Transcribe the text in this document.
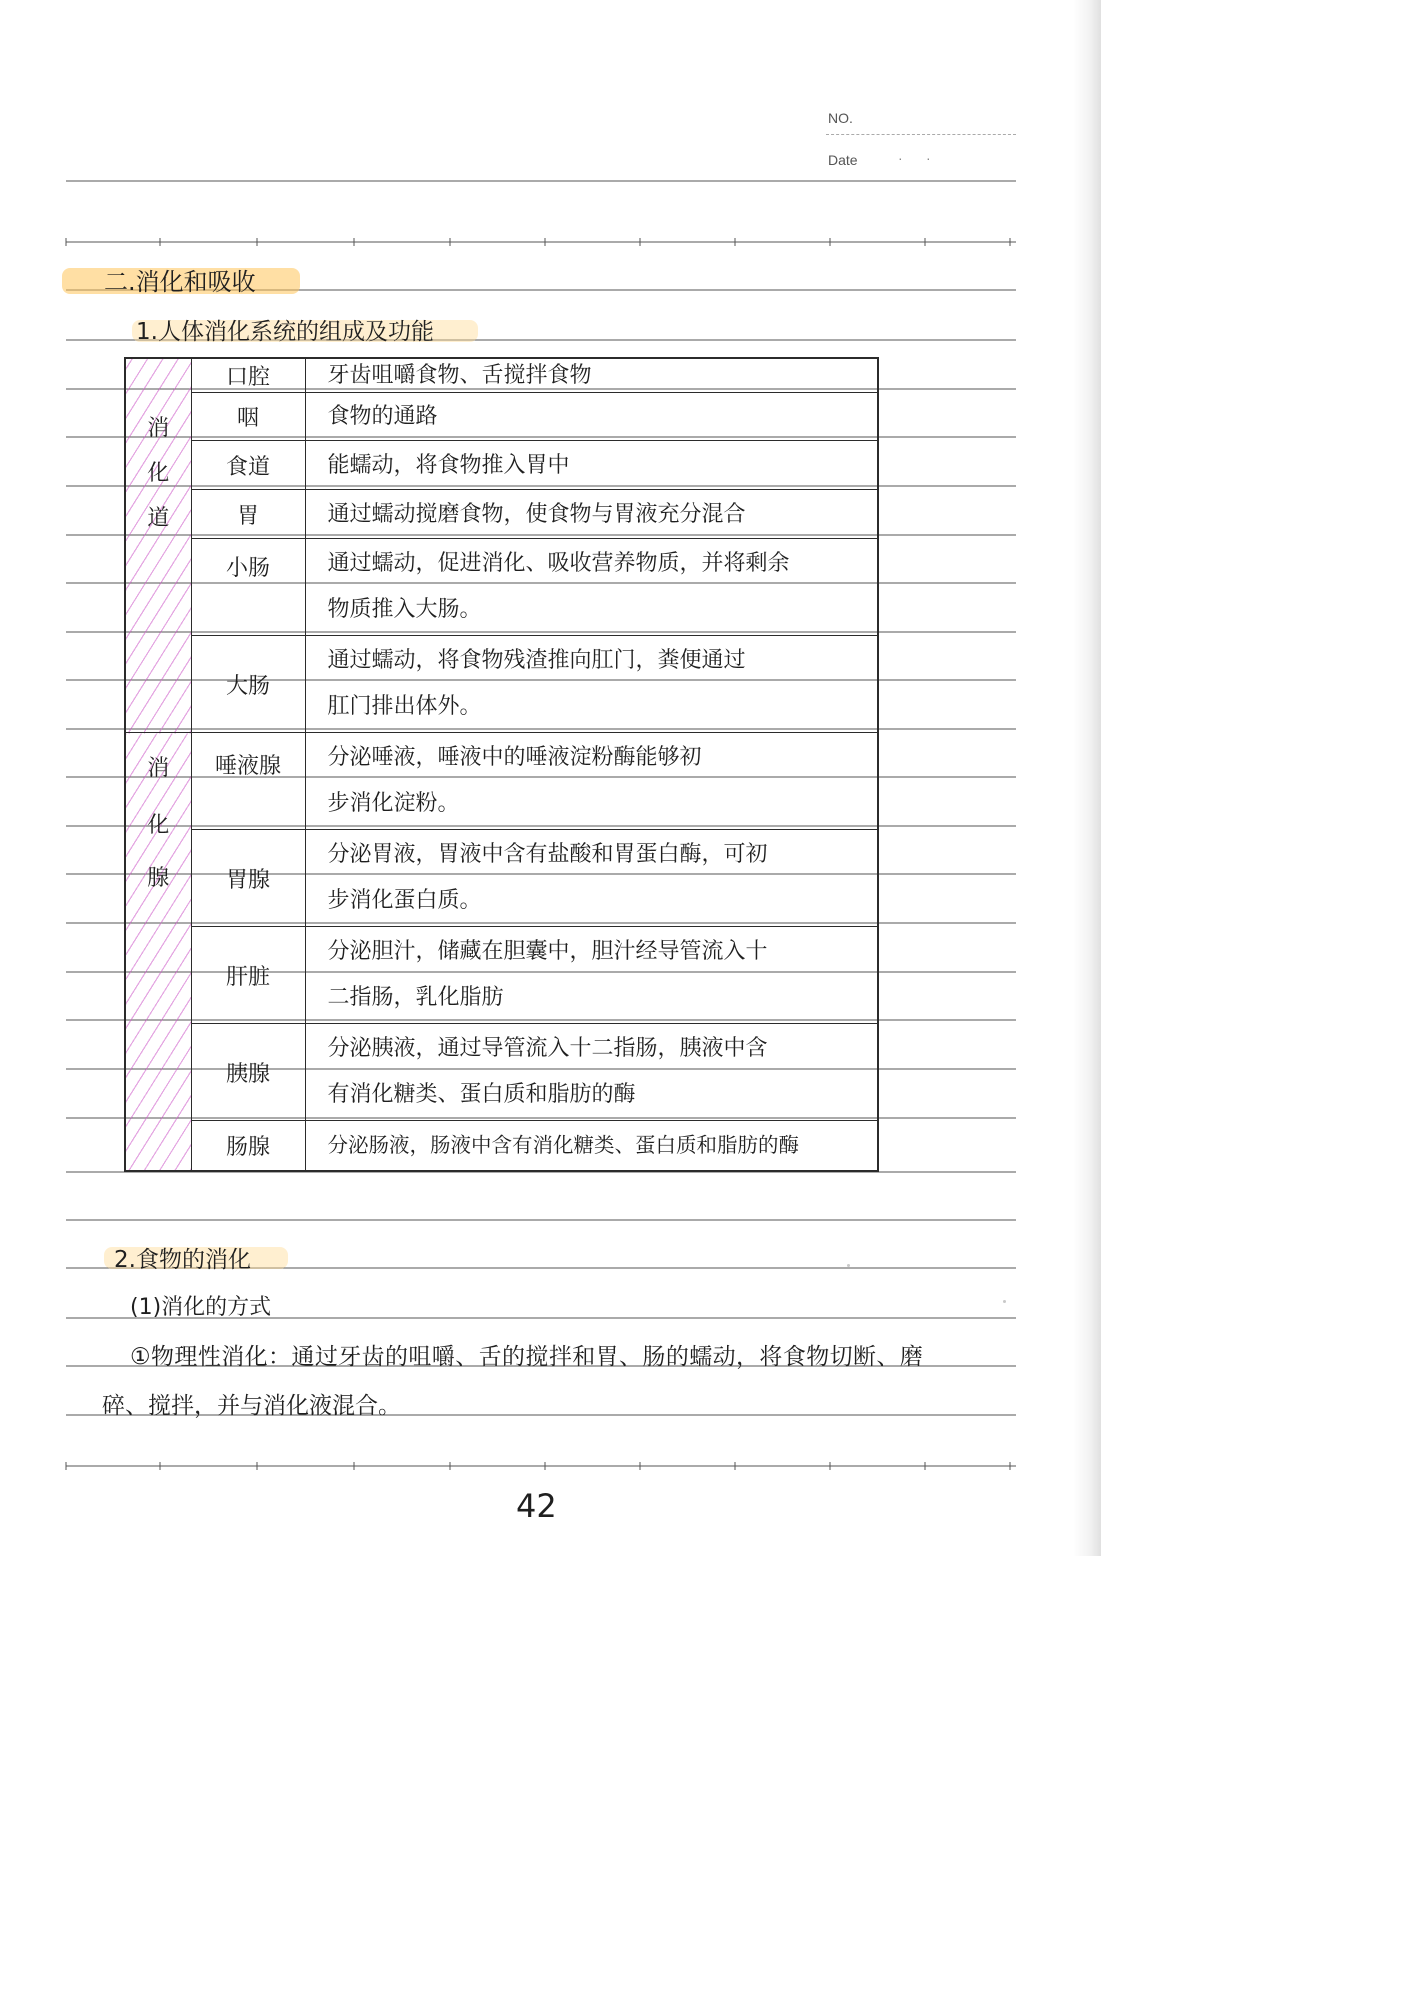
NO.
Date	·      ·
二.消化和吸收
1.人体消化系统的组成及功能
消
化
道	口腔	牙齿咀嚼食物、舌搅拌食物

	咽	食物的通路

	食道	能蠕动，将食物推入胃中

	胃	通过蠕动搅磨食物，使食物与胃液充分混合

	小肠	通过蠕动，促进消化、吸收营养物质，并将剩余
物质推入大肠。

	大肠	通过蠕动，将食物残渣推向肛门，粪便通过
肛门排出体外。

消
化
腺	唾液腺	分泌唾液，唾液中的唾液淀粉酶能够初
步消化淀粉。

	胃腺	分泌胃液，胃液中含有盐酸和胃蛋白酶，可初
步消化蛋白质。

	肝脏	分泌胆汁，储藏在胆囊中，胆汁经导管流入十
二指肠，乳化脂肪

	胰腺	分泌胰液，通过导管流入十二指肠，胰液中含
有消化糖类、蛋白质和脂肪的酶

	肠腺	分泌肠液，肠液中含有消化糖类、蛋白质和脂肪的酶
2.食物的消化
(1)消化的方式
①物理性消化：通过牙齿的咀嚼、舌的搅拌和胃、肠的蠕动，将食物切断、磨
碎、搅拌，并与消化液混合。
42
